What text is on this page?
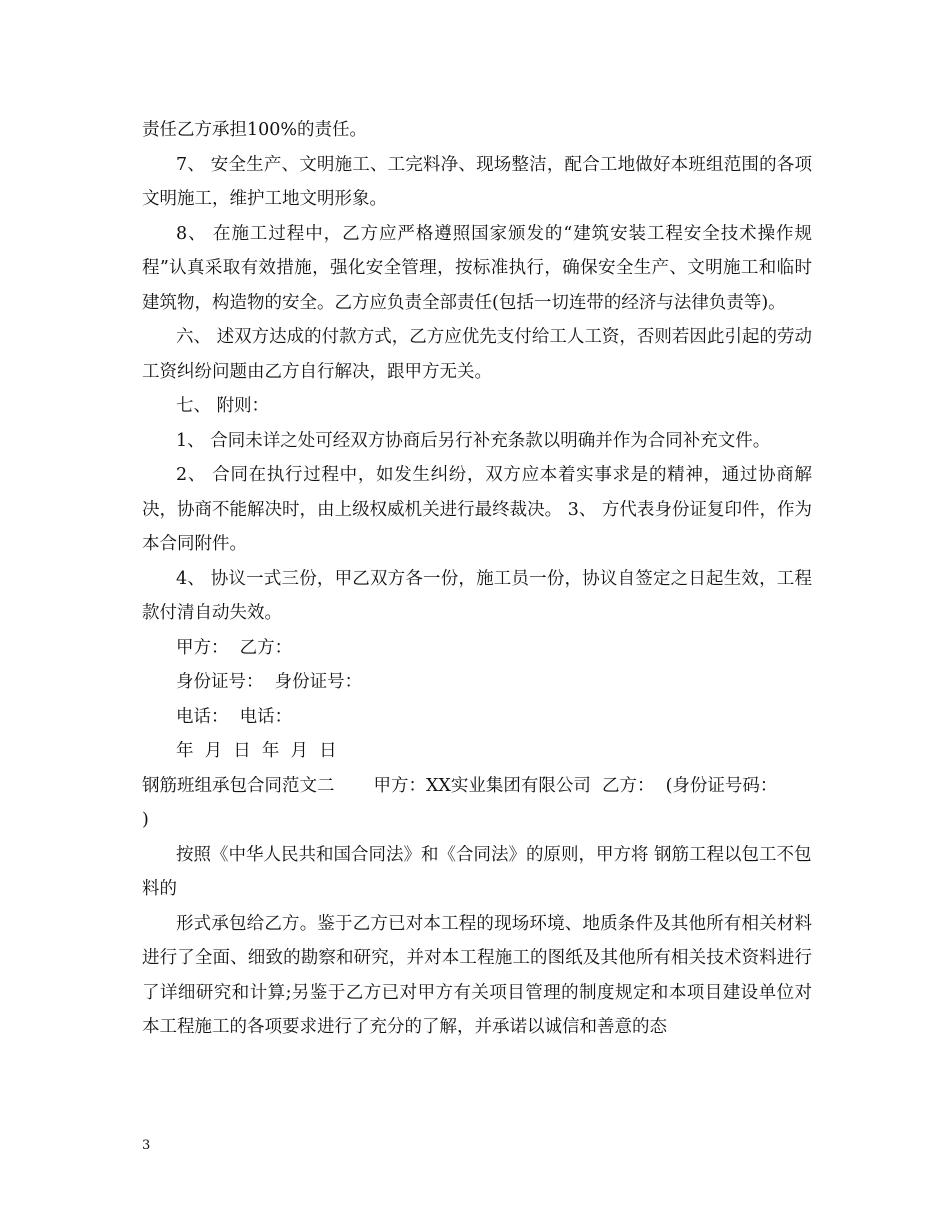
责任乙方承担100%的责任。

7、 安全生产、文明施工、工完料净、现场整洁，配合工地做好本班组范围的各项文明施工，维护工地文明形象。

8、 在施工过程中，乙方应严格遵照国家颁发的“建筑安装工程安全技术操作规程”认真采取有效措施，强化安全管理，按标准执行，确保安全生产、文明施工和临时建筑物，构造物的安全。乙方应负责全部责任(包括一切连带的经济与法律负责等)。

六、 述双方达成的付款方式，乙方应优先支付给工人工资，否则若因此引起的劳动工资纠纷问题由乙方自行解决，跟甲方无关。

七、 附则：

1、 合同未详之处可经双方协商后另行补充条款以明确并作为合同补充文件。

2、 合同在执行过程中，如发生纠纷，双方应本着实事求是的精神，通过协商解决，协商不能解决时，由上级权威机关进行最终裁决。 3、 方代表身份证复印件，作为本合同附件。

4、 协议一式三份，甲乙双方各一份，施工员一份，协议自签定之日起生效，工程款付清自动失效。

甲方：  乙方：

身份证号：  身份证号：

电话：  电话：

年  月  日  年  月  日

钢筋班组承包合同范文二       甲方：XX实业集团有限公司  乙方：  (身份证号码：

)

按照《中华人民共和国合同法》和《合同法》的原则，甲方将 钢筋工程以包工不包料的

形式承包给乙方。鉴于乙方已对本工程的现场环境、地质条件及其他所有相关材料进行了全面、细致的勘察和研究，并对本工程施工的图纸及其他所有相关技术资料进行了详细研究和计算;另鉴于乙方已对甲方有关项目管理的制度规定和本项目建设单位对本工程施工的各项要求进行了充分的了解，并承诺以诚信和善意的态

3
